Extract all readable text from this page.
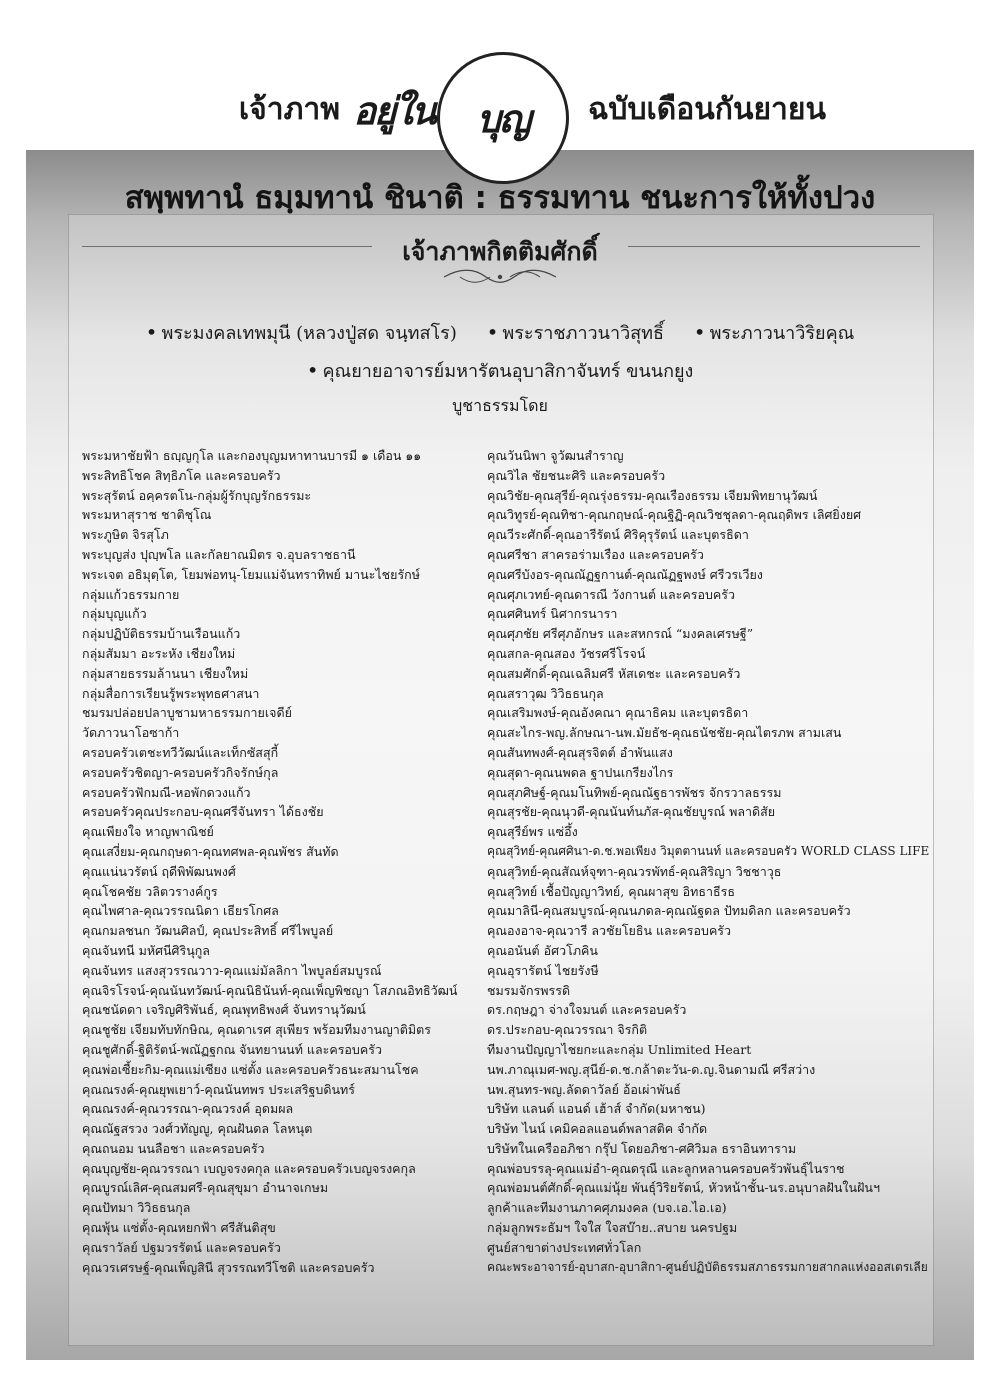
เจ้าภาพ อยู่ใน	บุญ ฉบับเดือนกันยายน
สพฺพทานํ ธมฺมทานํ ชินาติ : ธรรมทาน ชนะการให้ทั้งปวง
เจ้าภาพกิตติมศักดิ์
• พระมงคลเทพมุนี (หลวงปู่สด จนฺทสโร) • พระราชภาวนาวิสุทธิ์ • พระภาวนาวิริยคุณ
• คุณยายอาจารย์มหารัตนอุบาสิกาจันทร์ ขนนกยูง
บูชาธรรมโดย
พระมหาชัยฟ้า ธญฺญกุโล และกองบุญมหาทานบารมี ๑ เดือน ๑๑
พระสิทธิโชค สิทฺธิภโค และครอบครัว
พระสุรัตน์ อคฺครตโน-กลุ่มผู้รักบุญรักธรรมะ
พระมหาสุราช ชาติชุโณ
พระภูษิต จิรสุโภ
พระบุญส่ง ปุญฺพโล และกัลยาณมิตร จ.อุบลราชธานี
พระเจต อธิมุตฺโต, โยมพ่อทนุ-โยมแม่จันทราทิพย์ มานะไชยรักษ์
กลุ่มแก้วธรรมกาย
กลุ่มบุญแก้ว
กลุ่มปฏิบัติธรรมบ้านเรือนแก้ว
กลุ่มสัมมา อะระหัง เชียงใหม่
กลุ่มสายธรรมล้านนา เชียงใหม่
กลุ่มสื่อการเรียนรู้พระพุทธศาสนา
ชมรมปล่อยปลาบูชามหาธรรมกายเจดีย์
วัดภาวนาโอซาก้า
ครอบครัวเตชะทวีวัฒน์และเท็กซัสสุกี้
ครอบครัวชิตญา-ครอบครัวกิจรักษ์กุล
ครอบครัวฟักมณี-หอพักดวงแก้ว
ครอบครัวคุณประกอบ-คุณศรีจันทรา ได้ธงชัย
คุณเพียงใจ หาญพาณิชย์
คุณเสงี่ยม-คุณกฤษดา-คุณทศพล-คุณพัชร สันทัด
คุณแน่นวรัตน์ ฤดีพิพัฒนพงศ์
คุณโชคชัย วลิตวรางค์กูร
คุณไพศาล-คุณวรรณนิดา เธียรโกศล
คุณกมลชนก วัฒนศิลป์, คุณประสิทธิ์ ศรีไพบูลย์
คุณจันทนี มหัศนีศิรินุกูล
คุณจันทร แสงสุวรรณวาว-คุณแม่มัลลิกา ไพบูลย์สมบูรณ์
คุณจิรโรจน์-คุณนันทวัฒน์-คุณนิธินันท์-คุณเพ็ญพิชญา โสภณอิทธิวัฒน์
คุณชนัดดา เจริญศิริพันธ์, คุณพุทธิพงศ์ จันทรานุวัฒน์
คุณชูชัย เจียมทับทักษิณ, คุณดาเรศ สุเพียร พร้อมทีมงานญาติมิตร
คุณชูศักดิ์-ฐิติรัตน์-พณัฏฐกณ จันทยานนท์ และครอบครัว
คุณพ่อเซี้ยะกิม-คุณแม่เซียง แซ่ตั้ง และครอบครัวธนะสมานโชค
คุณณรงค์-คุณยุพเยาว์-คุณนันทพร ประเสริฐบดินทร์
คุณณรงค์-คุณวรรณา-คุณวรงค์ อุดมผล
คุณณัฐสรวง วงศ์วทัญญู, คุณฝันดล โลหนุต
คุณถนอม นนลือชา และครอบครัว
คุณบุญชัย-คุณวรรณา เบญจรงคกุล และครอบครัวเบญจรงคกุล
คุณบูรณ์เลิศ-คุณสมศรี-คุณสุขุมา อำนาจเกษม
คุณปัทมา วิวิธธนกุล
คุณพุ้น แซ่ตั้ง-คุณหยกฟ้า ศรีสันติสุข
คุณราวัลย์ ปฐมวรรัตน์ และครอบครัว
คุณวรเศรษฐ์-คุณเพ็ญสินี สุวรรณทวีโชติ และครอบครัว
คุณวันนิพา จูวัฒนสำราญ
คุณวิไล ชัยชนะศิริ และครอบครัว
คุณวิชัย-คุณสุรีย์-คุณรุ่งธรรม-คุณเรืองธรรม เจียมพิทยานุวัฒน์
คุณวิทูรย์-คุณทิชา-คุณกฤษณ์-คุณฐิฏิ-คุณวิชชุลดา-คุณฤดิพร เลิศยิ่งยศ
คุณวีระศักดิ์-คุณอารีรัตน์ ศิริคุรุรัตน์ และบุตรธิดา
คุณศรีชา สาครอร่ามเรือง และครอบครัว
คุณศรีบังอร-คุณณัฏฐกานต์-คุณณัฏฐพงษ์ ศรีวรเวียง
คุณศุภเวทย์-คุณดารณี วังกานต์ และครอบครัว
คุณศศินทร์ นิศากรนารา
คุณศุภชัย ศรีศุภอักษร และสหกรณ์ “มงคลเศรษฐี”
คุณสกล-คุณสอง วัชรศรีโรจน์
คุณสมศักดิ์-คุณเฉลิมศรี หัสเดชะ และครอบครัว
คุณสราวุฒ วิวิธธนกุล
คุณเสริมพงษ์-คุณอังคณา คุณาธิคม และบุตรธิดา
คุณสะไกร-พญ.ลักษณา-นพ.มัยธัช-คุณธนัชชัย-คุณไตรภพ สามเสน
คุณสันทพงศ์-คุณสุรจิตต์ อำพันแสง
คุณสุดา-คุณนพดล ฐาปนเกรียงไกร
คุณสุภศิษฐ์-คุณมโนทิพย์-คุณณัฐธารพัชร จักรวาลธรรม
คุณสุรชัย-คุณนุวดี-คุณนันท์นภัส-คุณชัยบูรณ์ พลาดิสัย
คุณสุรีย์พร แซ่อึ้ง
คุณสุวิทย์-คุณศศินา-ด.ช.พอเพียง วิมุตตานนท์ และครอบครัว WORLD CLASS LIFE
คุณสุวิทย์-คุณสัณห์จุฑา-คุณวรพัทธ์-คุณสิริญา วิชชาวุธ
คุณสุวิทย์ เชื้อปัญญาวิทย์, คุณผาสุข อิทธาธีรธ
คุณมาลินี-คุณสมบูรณ์-คุณนภดล-คุณณัฐดล ปัทมดิลก และครอบครัว
คุณองอาจ-คุณวารี ลวชัยโยธิน และครอบครัว
คุณอนันต์ อัศวโภคิน
คุณอุรารัตน์ ไชยรังษี
ชมรมจักรพรรดิ
ดร.กฤษฎา จ่างใจมนต์ และครอบครัว
ดร.ประกอบ-คุณวรรณา จิรกิติ
ทีมงานปัญญาไชยกะและกลุ่ม Unlimited Heart
นพ.ภาณุเมศ-พญ.สุนีย์-ด.ช.กล้าตะวัน-ด.ญ.จินดามณี ศรีสว่าง
นพ.สุนทร-พญ.ลัดดาวัลย์ อ้อเผ่าพันธ์
บริษัท แลนด์ แอนด์ เฮ้าส์ จำกัด(มหาชน)
บริษัท ไนน์ เคมิคอลแอนด์พลาสติค จำกัด
บริษัทในเครืออภิชา กรุ๊ป โดยอภิชา-ศศิวิมล ธราอินทาราม
คุณพ่อบรรลุ-คุณแม่อำ-คุณดรุณี และลูกหลานครอบครัวพันธุ์ไนราช
คุณพ่อมนต์ศักดิ์-คุณแม่นุ้ย พันธุ์วิริยรัตน์, หัวหน้าชั้น-นร.อนุบาลฝันในฝันฯ
ลูกค้าและทีมงานภาคศุภมงคล (บจ.เอ.ไอ.เอ)
กลุ่มลูกพระธัมฯ ใจใส ใจสบ๊าย..สบาย นครปฐม
ศูนย์สาขาต่างประเทศทั่วโลก
คณะพระอาจารย์-อุบาสก-อุบาสิกา-ศูนย์ปฏิบัติธรรมสภาธรรมกายสากลแห่งออสเตรเลีย
